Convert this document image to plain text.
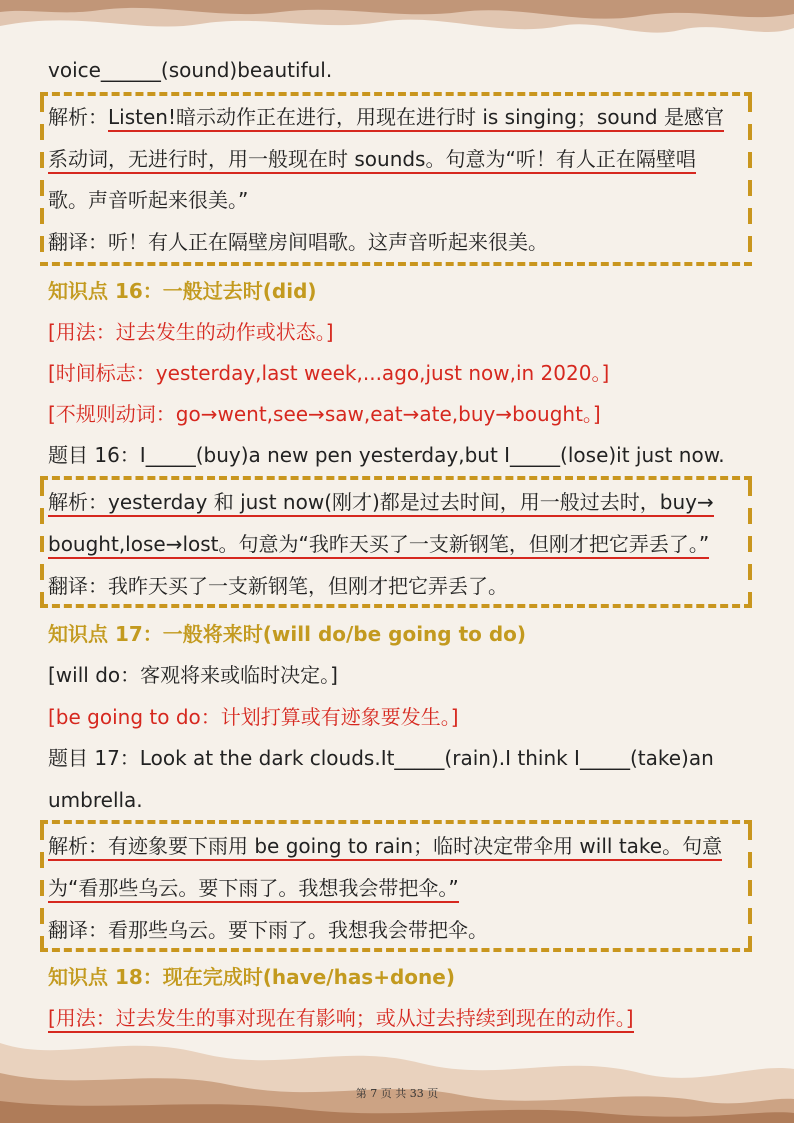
voice______(sound)beautiful.
解析：Listen!暗示动作正在进行，用现在进行时 is singing；sound 是感官
系动词，无进行时，用一般现在时 sounds。句意为“听！有人正在隔壁唱
歌。声音听起来很美。”
翻译：听！有人正在隔壁房间唱歌。这声音听起来很美。
知识点 16：一般过去时(did)
[用法：过去发生的动作或状态。]
[时间标志：yesterday,last week,...ago,just now,in 2020。]
[不规则动词：go→went,see→saw,eat→ate,buy→bought。]
题目 16：I_____(buy)a new pen yesterday,but I_____(lose)it just now.
解析：yesterday 和 just now(刚才)都是过去时间，用一般过去时，buy→
bought,lose→lost。句意为“我昨天买了一支新钢笔，但刚才把它弄丢了。”
翻译：我昨天买了一支新钢笔，但刚才把它弄丢了。
知识点 17：一般将来时(will do/be going to do)
[will do：客观将来或临时决定。]
[be going to do：计划打算或有迹象要发生。]
题目 17：Look at the dark clouds.It_____(rain).I think I_____(take)an
umbrella.
解析：有迹象要下雨用 be going to rain；临时决定带伞用 will take。句意
为“看那些乌云。要下雨了。我想我会带把伞。”
翻译：看那些乌云。要下雨了。我想我会带把伞。
知识点 18：现在完成时(have/has+done)
[用法：过去发生的事对现在有影响；或从过去持续到现在的动作。]
第 7 页 共 33 页
